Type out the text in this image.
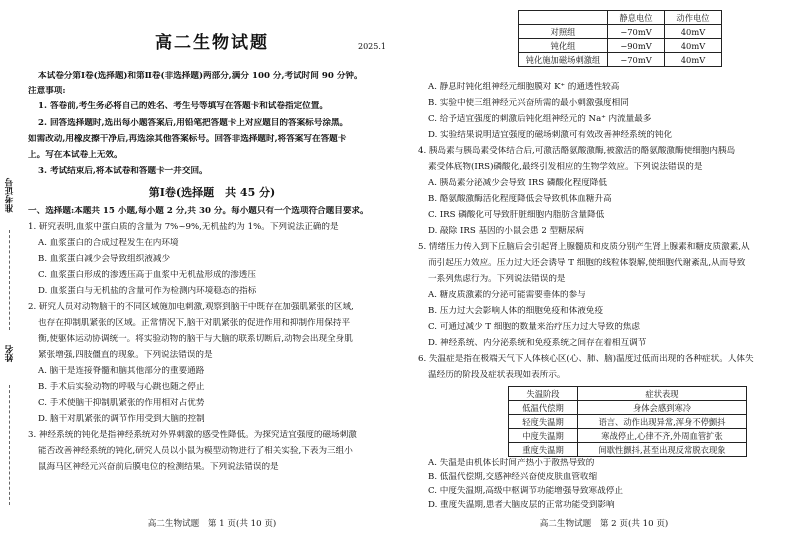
准考证号
姓名
高二生物试题	2025.1
本试卷分第Ⅰ卷(选择题)和第Ⅱ卷(非选择题)两部分,满分 100 分,考试时间 90 分钟。
注意事项:
1. 答卷前,考生务必将自己的姓名、考生号等填写在答题卡和试卷指定位置。
2. 回答选择题时,选出每小题答案后,用铅笔把答题卡上对应题目的答案标号涂黑。
如需改动,用橡皮擦干净后,再选涂其他答案标号。回答非选择题时,将答案写在答题卡
上。写在本试卷上无效。
3. 考试结束后,将本试卷和答题卡一并交回。
第Ⅰ卷(选择题　共 45 分)
一、选择题:本题共 15 小题,每小题 2 分,共 30 分。每小题只有一个选项符合题目要求。
1. 研究表明,血浆中蛋白质的含量为 7%~9%,无机盐约为 1%。下列说法正确的是
A. 血浆蛋白的合成过程发生在内环境
B. 血浆蛋白减少会导致组织液减少
C. 血浆蛋白形成的渗透压高于血浆中无机盐形成的渗透压
D. 血浆蛋白与无机盐的含量可作为检测内环境稳态的指标
2. 研究人员对动物脑干的不同区域施加电刺激,观察到脑干中既存在加强肌紧张的区域,
也存在抑制肌紧张的区域。正常情况下,脑干对肌紧张的促进作用和抑制作用保持平
衡,使躯体运动协调统一。将实验动物的脑干与大脑的联系切断后,动物会出现全身肌
紧张增强,四肢僵直的现象。下列说法错误的是
A. 脑干是连接脊髓和脑其他部分的重要通路
B. 手术后实验动物的呼吸与心跳也随之停止
C. 手术使脑干抑制肌紧张的作用相对占优势
D. 脑干对肌紧张的调节作用受到大脑的控制
3. 神经系统的钝化是指神经系统对外界刺激的感受性降低。为探究适宜强度的磁场刺激
能否改善神经系统的钝化,研究人员以小鼠为模型动物进行了相关实验,下表为三组小
鼠海马区神经元兴奋前后膜电位的检测结果。下列说法错误的是
高二生物试题　第 1 页(共 10 页)
	静息电位	动作电位
对照组	−70mV	40mV
钝化组	−90mV	40mV
钝化施加磁场刺激组	−70mV	40mV
A. 静息时钝化组神经元细胞膜对 K⁺ 的通透性较高
B. 实验中使三组神经元兴奋所需的最小刺激强度相同
C. 给予适宜强度的刺激后钝化组神经元的 Na⁺ 内流量最多
D. 实验结果说明适宜强度的磁场刺激可有效改善神经系统的钝化
4. 胰岛素与胰岛素受体结合后,可激活酪氨酸激酶,被激活的酪氨酸激酶使细胞内胰岛
素受体底物(IRS)磷酸化,最终引发相应的生物学效应。下列说法错误的是
A. 胰岛素分泌减少会导致 IRS 磷酸化程度降低
B. 酪氨酸激酶活化程度降低会导致机体血糖升高
C. IRS 磷酸化可导致肝脏细胞内脂肪含量降低
D. 敲除 IRS 基因的小鼠会患 2 型糖尿病
5. 情绪压力传入到下丘脑后会引起肾上腺髓质和皮质分别产生肾上腺素和糖皮质激素,从
而引起压力效应。压力过大还会诱导 T 细胞的线粒体裂解,使细胞代谢紊乱,从而导致
一系列焦虑行为。下列说法错误的是
A. 糖皮质激素的分泌可能需要垂体的参与
B. 压力过大会影响人体的细胞免疫和体液免疫
C. 可通过减少 T 细胞的数量来治疗压力过大导致的焦虑
D. 神经系统、内分泌系统和免疫系统之间存在着相互调节
6. 失温症是指在极端天气下人体核心区(心、肺、脑)温度过低而出现的各种症状。人体失
温经历的阶段及症状表现如表所示。
失温阶段	症状表现
低温代偿期	身体会感到寒冷
轻度失温期	语言、动作出现异常,浑身不停颤抖
中度失温期	寒战停止,心律不齐,外周血管扩张
重度失温期	间歇性颤抖,甚至出现反常脱衣现象
A. 失温是由机体长时间产热小于散热导致的
B. 低温代偿期,交感神经兴奋使皮肤血管收缩
C. 中度失温期,高级中枢调节功能增强导致寒战停止
D. 重度失温期,患者大脑皮层的正常功能受到影响
高二生物试题　第 2 页(共 10 页)
